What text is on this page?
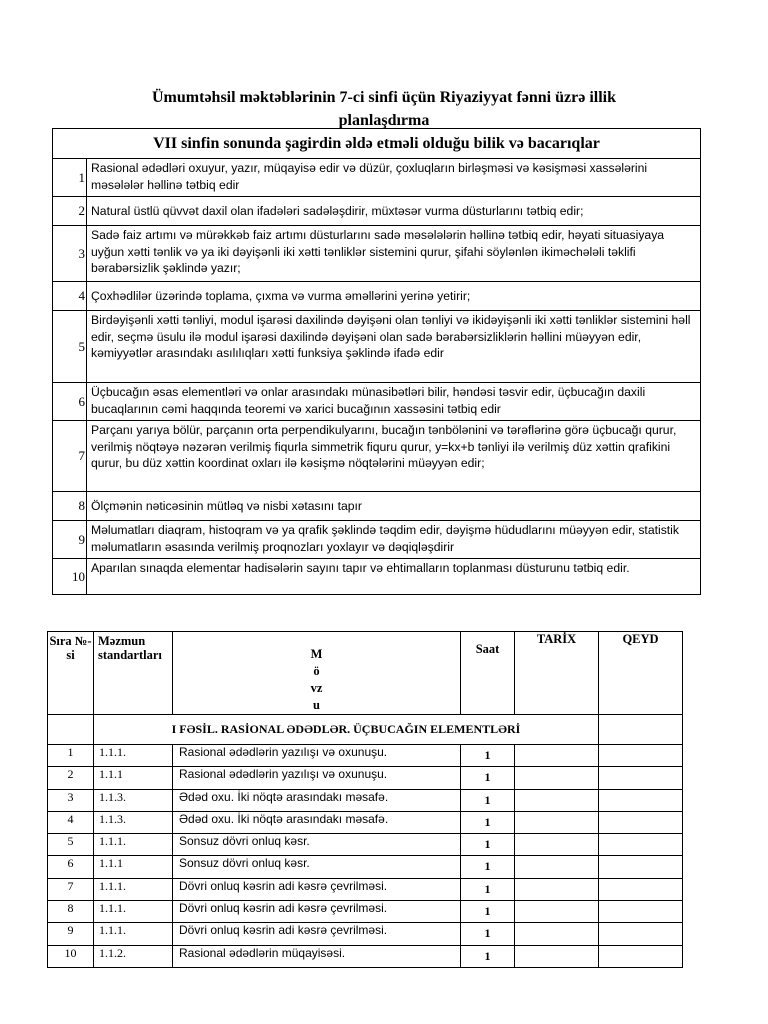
Ümumtəhsil məktəblərinin 7-ci sinfi üçün Riyaziyyat fənni üzrə illik
planlaşdırma
VII sinfin sonunda şagirdin əldə etməli olduğu bilik və bacarıqlar	
1	Rasional ədədləri oxuyur, yazır, müqayisə edir və düzür, çoxluqların birləşməsi və kəsişməsi xassələrini məsələlər həllinə tətbiq edir
2	Natural üstlü qüvvət daxil olan ifadələri sadələşdirir, müxtəsər vurma düsturlarını tətbiq edir;
3	Sadə faiz artımı və mürəkkəb faiz artımı düsturlarını sadə məsələlərin həllinə tətbiq edir, həyati situasiyaya uyğun xətti tənlik və ya iki dəyişənli iki xətti tənliklər sistemini qurur, şifahi söylənlən ikiməchələli təklifi bərabərsizlik şəklində yazır;
4	Çoxhədlilər üzərində toplama, çıxma və vurma əməllərini yerinə yetirir;
5	Birdəyişənli xətti tənliyi, modul işarəsi daxilində dəyişəni olan tənliyi və ikidəyişənli iki xətti tənliklər sistemini həll edir, seçmə üsulu ilə modul işarəsi daxilində dəyişəni olan sadə bərabərsizliklərin həllini müəyyən edir, kəmiyyətlər arasındakı asılılıqları xətti funksiya şəklində ifadə edir
6	Üçbucağın əsas elementləri və onlar arasındakı münasibətləri bilir, həndəsi təsvir edir, üçbucağın daxili bucaqlarının cəmi haqqında teoremi və xarici bucağının xassəsini tətbiq edir
7	Parçanı yarıya bölür, parçanın orta perpendikulyarını, bucağın tənbölənini və tərəflərinə görə üçbucağı qurur, verilmiş nöqtəyə nəzərən verilmiş fiqurla simmetrik fiquru qurur, y=kx+b tənliyi ilə verilmiş düz xəttin qrafikini qurur, bu düz xəttin koordinat oxları ilə kəsişmə nöqtələrini müəyyən edir;
8	Ölçmənin nəticəsinin mütləq və nisbi xətasını tapır
9	Məlumatları diaqram, histoqram və ya qrafik şəklində təqdim edir, dəyişmə hüdudlarını müəyyən edir, statistik məlumatların əsasında verilmiş proqnozları yoxlayır və dəqiqləşdirir
10	Aparılan sınaqda elementar hadisələrin sayını tapır və ehtimalların toplanması düsturunu tətbiq edir.
Sıra №-si	Məzmun standartları	M
ö
vz
u	Saat	TARİX	QEYD
	I FƏSİL. RASİONAL ƏDƏDLƏR. ÜÇBUCAĞIN ELEMENTLƏRİ				
1	1.1.1.	Rasional ədədlərin yazılışı və oxunuşu.	1		
2	1.1.1	Rasional ədədlərin yazılışı və oxunuşu.	1		
3	1.1.3.	Ədəd oxu. İki nöqtə arasındakı məsafə.	1		
4	1.1.3.	Ədəd oxu. İki nöqtə arasındakı məsafə.	1		
5	1.1.1.	Sonsuz dövri onluq kəsr.	1		
6	1.1.1	Sonsuz dövri onluq kəsr.	1		
7	1.1.1.	Dövri onluq kəsrin adi kəsrə çevrilməsi.	1		
8	1.1.1.	Dövri onluq kəsrin adi kəsrə çevrilməsi.	1		
9	1.1.1.	Dövri onluq kəsrin adi kəsrə çevrilməsi.	1		
10	1.1.2.	Rasional ədədlərin müqayisəsi.	1		
